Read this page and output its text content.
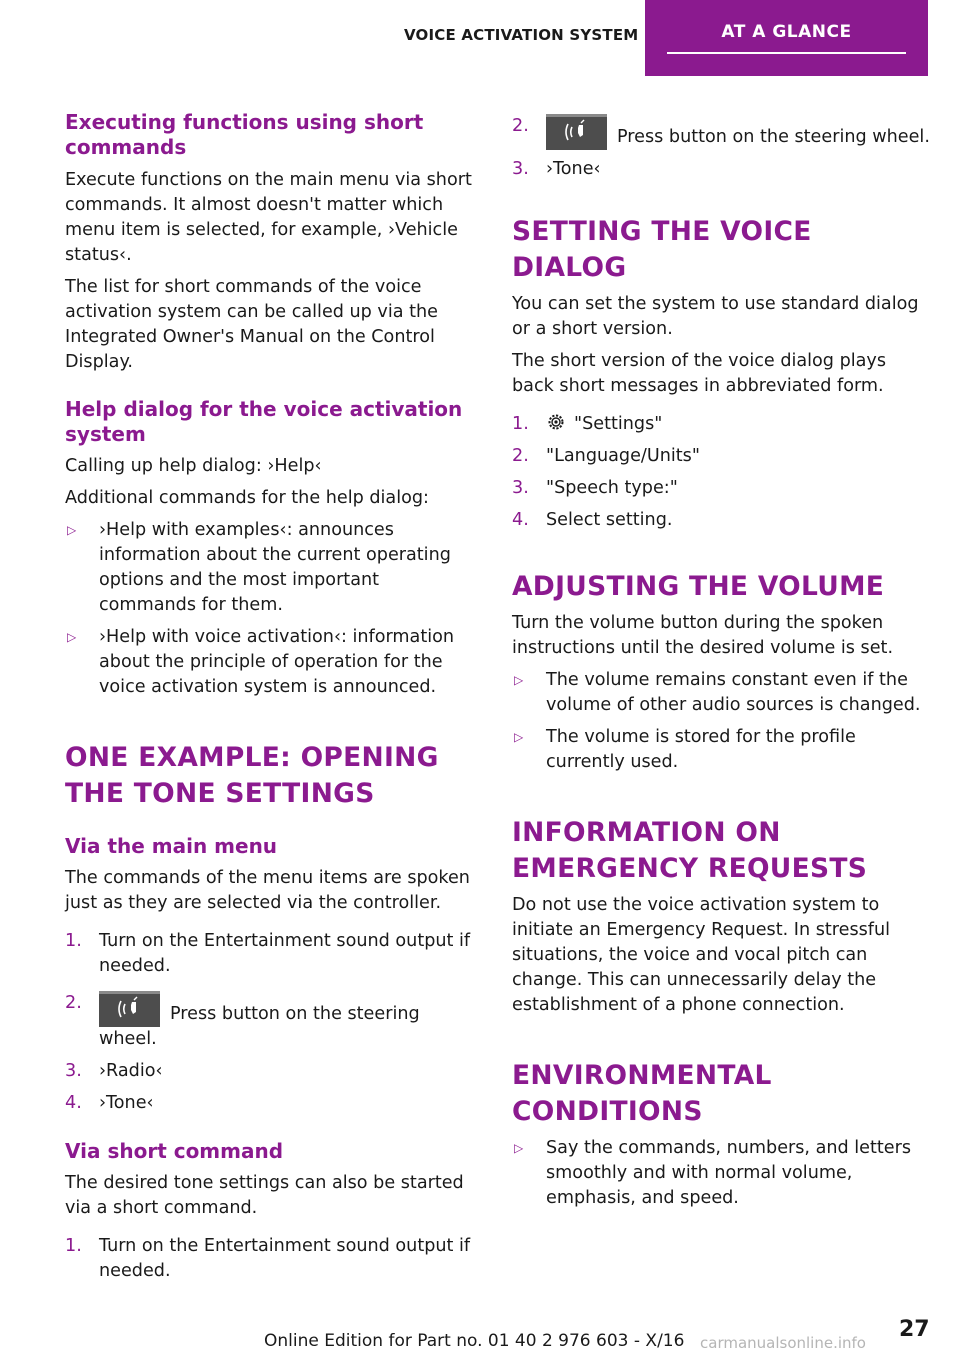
VOICE ACTIVATION SYSTEM	AT A GLANCE
Executing functions using short commands
Execute functions on the main menu via short commands. It almost doesn't matter which menu item is selected, for example, ›Vehicle status‹.
The list for short commands of the voice activation system can be called up via the Integrated Owner's Manual on the Control Display.
Help dialog for the voice activation system
Calling up help dialog: ›Help‹
Additional commands for the help dialog:
▷ ›Help with examples‹: announces information about the current operating options and the most important commands for them.
▷ ›Help with voice activation‹: information about the principle of operation for the voice activation system is announced.
ONE EXAMPLE: OPENING THE TONE SETTINGS
Via the main menu
The commands of the menu items are spoken just as they are selected via the controller.
1. Turn on the Entertainment sound output if needed.
2.
Press button on the steering wheel.
3. ›Radio‹
4. ›Tone‹
Via short command
The desired tone settings can also be started via a short command.
1. Turn on the Entertainment sound output if needed.
2.
Press button on the steering wheel.
3. ›Tone‹
SETTING THE VOICE DIALOG
You can set the system to use standard dialog or a short version.
The short version of the voice dialog plays back short messages in abbreviated form.
1.	"Settings"
2. "Language/Units"
3. "Speech type:"
4. Select setting.
ADJUSTING THE VOLUME
Turn the volume button during the spoken instructions until the desired volume is set.
▷ The volume remains constant even if the volume of other audio sources is changed.
▷ The volume is stored for the profile currently used.
INFORMATION ON EMERGENCY REQUESTS
Do not use the voice activation system to initiate an Emergency Request. In stressful situations, the voice and vocal pitch can change. This can unnecessarily delay the establishment of a phone connection.
ENVIRONMENTAL CONDITIONS
▷ Say the commands, numbers, and letters smoothly and with normal volume, emphasis, and speed.
Online Edition for Part no. 01 40 2 976 603 - X/16 carmanualsonline.info
27
